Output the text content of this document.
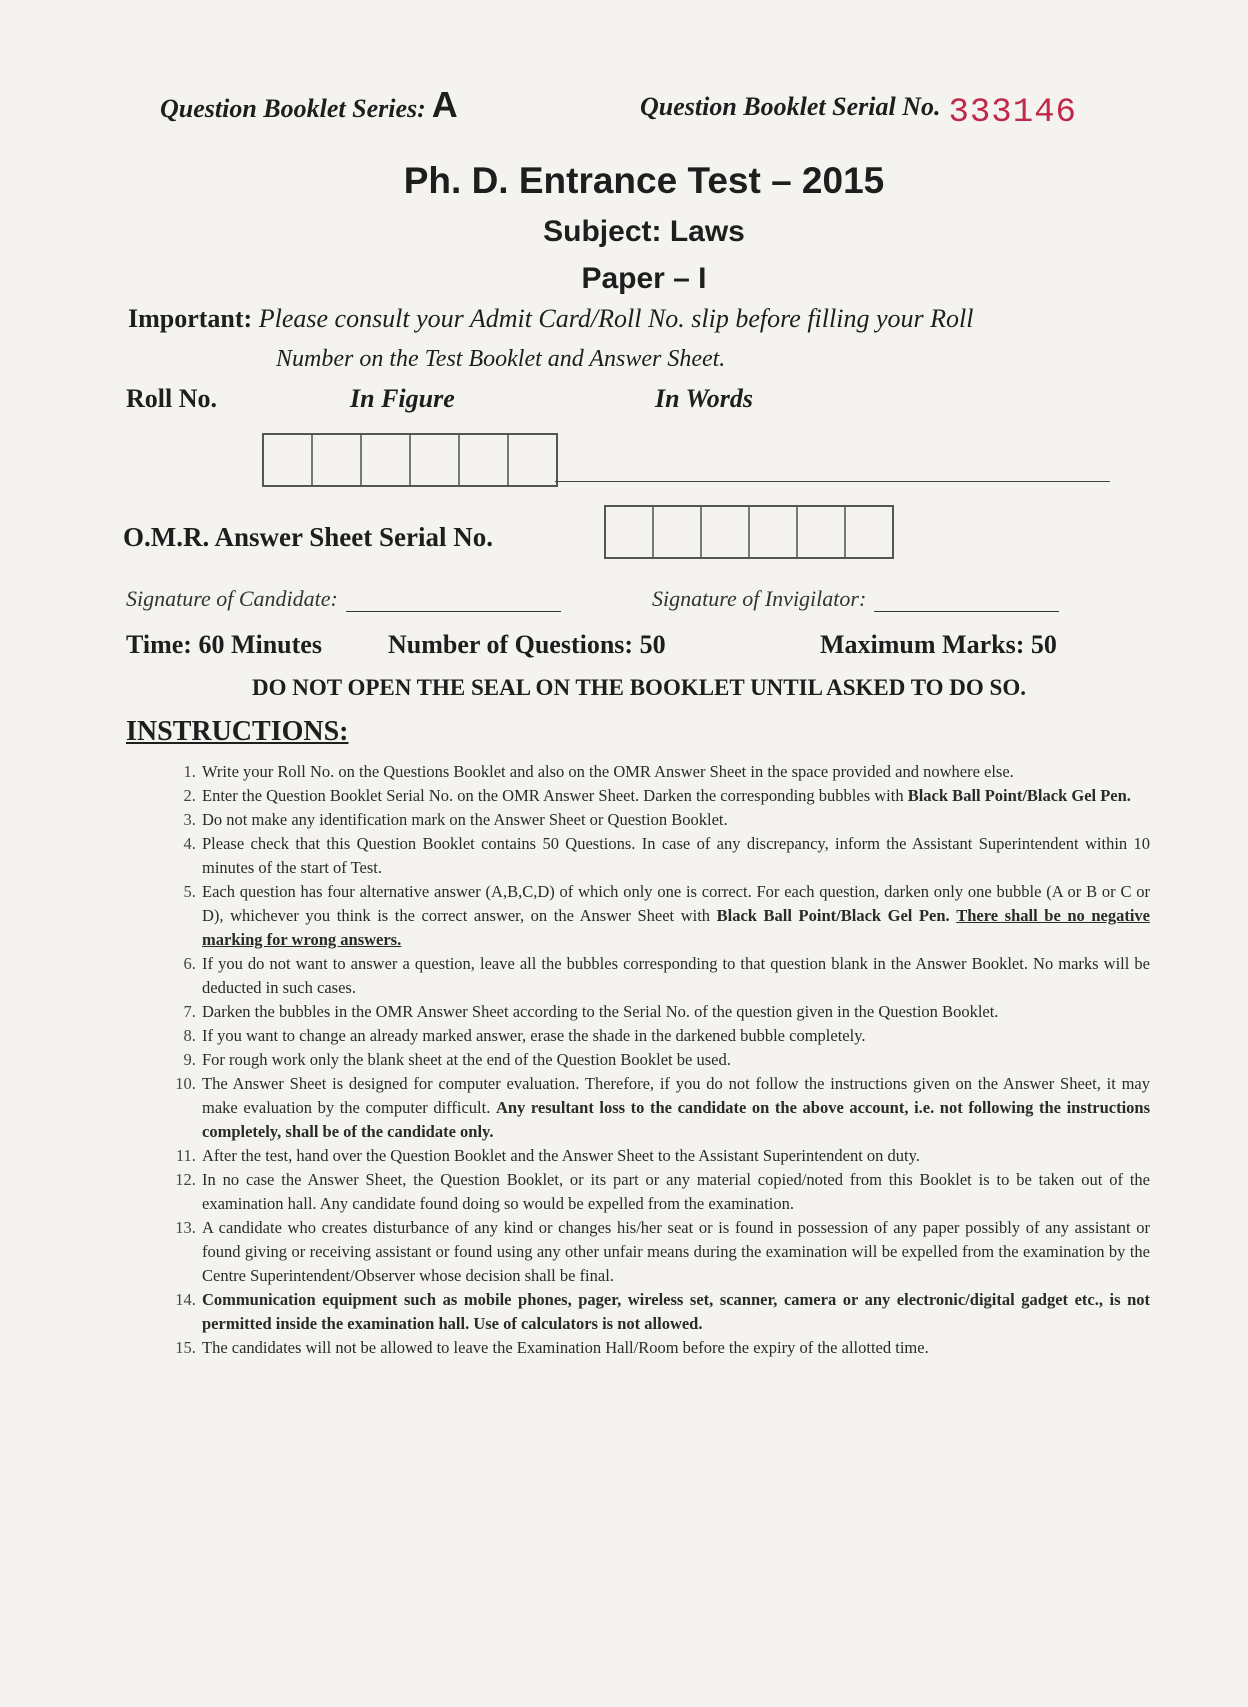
Question Booklet Series: A	Question Booklet Serial No. 333146
Ph. D. Entrance Test – 2015
Subject: Laws
Paper – I
Important: Please consult your Admit Card/Roll No. slip before filling your Roll
Number on the Test Booklet and Answer Sheet.
Roll No.	In Figure	In Words
O.M.R. Answer Sheet Serial No.
Signature of Candidate:	Signature of Invigilator:
Time: 60 Minutes	Number of Questions: 50	Maximum Marks: 50
DO NOT OPEN THE SEAL ON THE BOOKLET UNTIL ASKED TO DO SO.
INSTRUCTIONS:
1. Write your Roll No. on the Questions Booklet and also on the OMR Answer Sheet in the space provided and nowhere else.
2. Enter the Question Booklet Serial No. on the OMR Answer Sheet. Darken the corresponding bubbles with Black Ball Point/Black Gel Pen.
3. Do not make any identification mark on the Answer Sheet or Question Booklet.
4. Please check that this Question Booklet contains 50 Questions. In case of any discrepancy, inform the Assistant Superintendent within 10 minutes of the start of Test.
5. Each question has four alternative answer (A,B,C,D) of which only one is correct. For each question, darken only one bubble (A or B or C or D), whichever you think is the correct answer, on the Answer Sheet with Black Ball Point/Black Gel Pen. There shall be no negative marking for wrong answers.
6. If you do not want to answer a question, leave all the bubbles corresponding to that question blank in the Answer Booklet. No marks will be deducted in such cases.
7. Darken the bubbles in the OMR Answer Sheet according to the Serial No. of the question given in the Question Booklet.
8. If you want to change an already marked answer, erase the shade in the darkened bubble completely.
9. For rough work only the blank sheet at the end of the Question Booklet be used.
10. The Answer Sheet is designed for computer evaluation. Therefore, if you do not follow the instructions given on the Answer Sheet, it may make evaluation by the computer difficult. Any resultant loss to the candidate on the above account, i.e. not following the instructions completely, shall be of the candidate only.
11. After the test, hand over the Question Booklet and the Answer Sheet to the Assistant Superintendent on duty.
12. In no case the Answer Sheet, the Question Booklet, or its part or any material copied/noted from this Booklet is to be taken out of the examination hall. Any candidate found doing so would be expelled from the examination.
13. A candidate who creates disturbance of any kind or changes his/her seat or is found in possession of any paper possibly of any assistant or found giving or receiving assistant or found using any other unfair means during the examination will be expelled from the examination by the Centre Superintendent/Observer whose decision shall be final.
14. Communication equipment such as mobile phones, pager, wireless set, scanner, camera or any electronic/digital gadget etc., is not permitted inside the examination hall. Use of calculators is not allowed.
15. The candidates will not be allowed to leave the Examination Hall/Room before the expiry of the allotted time.
